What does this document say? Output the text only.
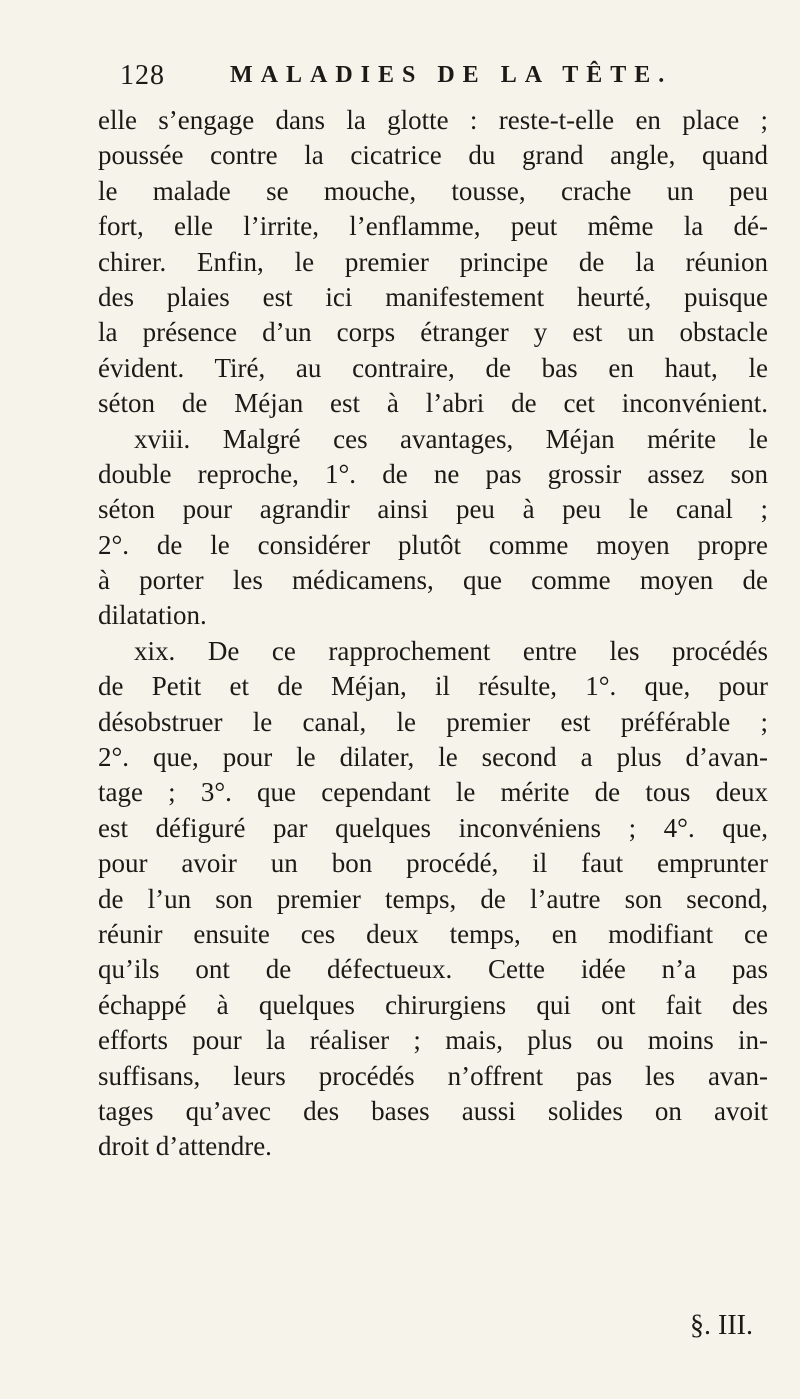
128	MALADIES DE LA TÊTE.
elle s’engage dans la glotte : reste-t-elle en place ;
poussée contre la cicatrice du grand angle, quand
le malade se mouche, tousse, crache un peu
fort, elle l’irrite, l’enflamme, peut même la dé-
chirer. Enfin, le premier principe de la réunion
des plaies est ici manifestement heurté, puisque
la présence d’un corps étranger y est un obstacle
évident. Tiré, au contraire, de bas en haut, le
séton de Méjan est à l’abri de cet inconvénient.
xviii. Malgré ces avantages, Méjan mérite le
double reproche, 1°. de ne pas grossir assez son
séton pour agrandir ainsi peu à peu le canal ;
2°. de le considérer plutôt comme moyen propre
à porter les médicamens, que comme moyen de
dilatation.
xix. De ce rapprochement entre les procédés
de Petit et de Méjan, il résulte, 1°. que, pour
désobstruer le canal, le premier est préférable ;
2°. que, pour le dilater, le second a plus d’avan-
tage ; 3°. que cependant le mérite de tous deux
est défiguré par quelques inconvéniens ; 4°. que,
pour avoir un bon procédé, il faut emprunter
de l’un son premier temps, de l’autre son second,
réunir ensuite ces deux temps, en modifiant ce
qu’ils ont de défectueux. Cette idée n’a pas
échappé à quelques chirurgiens qui ont fait des
efforts pour la réaliser ; mais, plus ou moins in-
suffisans, leurs procédés n’offrent pas les avan-
tages qu’avec des bases aussi solides on avoit
droit d’attendre.
§. III.
